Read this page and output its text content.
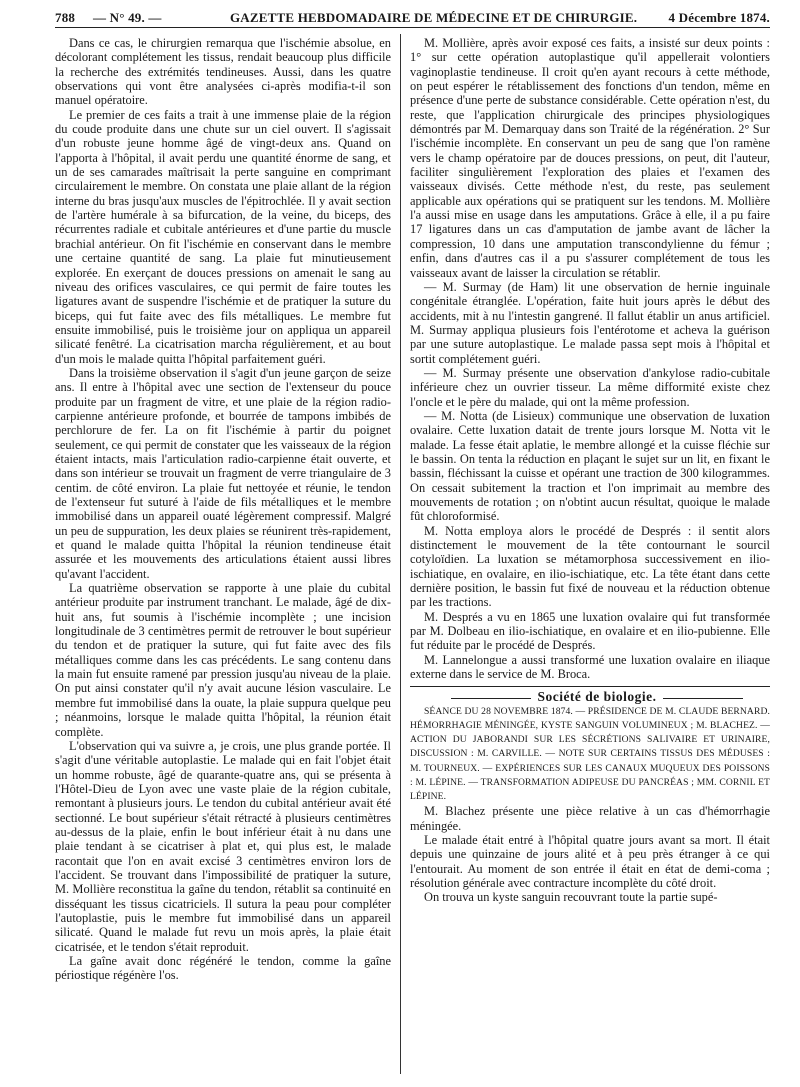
788 — N° 49. —	GAZETTE HEBDOMADAIRE DE MÉDECINE ET DE CHIRURGIE. 4 Décembre 1874.

Dans ce cas, le chirurgien remarqua que l'ischémie absolue, en décolorant complétement les tissus, rendait beaucoup plus difficile la recherche des extrémités tendineuses. Aussi, dans les quatre observations qui vont être analysées ci-après modifia-t-il son manuel opératoire.

Le premier de ces faits a trait à une immense plaie de la région du coude produite dans une chute sur un ciel ouvert. Il s'agissait d'un robuste jeune homme âgé de vingt-deux ans. Quand on l'apporta à l'hôpital, il avait perdu une quantité énorme de sang, et un de ses camarades maîtrisait la perte sanguine en comprimant circulairement le membre. On constata une plaie allant de la région interne du bras jusqu'aux muscles de l'épitrochlée. Il y avait section de l'artère humérale à sa bifurcation, de la veine, du biceps, des récurrentes radiale et cubitale antérieures et d'une partie du muscle brachial antérieur. On fit l'ischémie en conservant dans le membre une certaine quantité de sang. La plaie fut minutieusement explorée. En exerçant de douces pressions on amenait le sang au niveau des orifices vasculaires, ce qui permit de faire toutes les ligatures avant de suspendre l'ischémie et de pratiquer la suture du biceps, qui fut faite avec des fils métalliques. Le membre fut ensuite immobilisé, puis le troisième jour on appliqua un appareil silicaté fenêtré. La cicatrisation marcha régulièrement, et au bout d'un mois le malade quitta l'hôpital parfaitement guéri.

Dans la troisième observation il s'agit d'un jeune garçon de seize ans. Il entre à l'hôpital avec une section de l'extenseur du pouce produite par un fragment de vitre, et une plaie de la région radio-carpienne antérieure profonde, et bourrée de tampons imbibés de perchlorure de fer. La on fit l'ischémie à partir du poignet seulement, ce qui permit de constater que les vaisseaux de la région étaient intacts, mais l'articulation radio-carpienne était ouverte, et dans son intérieur se trouvait un fragment de verre triangulaire de 3 centim. de côté environ. La plaie fut nettoyée et réunie, le tendon de l'extenseur fut suturé à l'aide de fils métalliques et le membre immobilisé dans un appareil ouaté légèrement compressif. Malgré un peu de suppuration, les deux plaies se réunirent très-rapidement, et quand le malade quitta l'hôpital la réunion tendineuse était assurée et les mouvements des articulations étaient aussi libres qu'avant l'accident.

La quatrième observation se rapporte à une plaie du cubital antérieur produite par instrument tranchant. Le malade, âgé de dix-huit ans, fut soumis à l'ischémie incomplète ; une incision longitudinale de 3 centimètres permit de retrouver le bout supérieur du tendon et de pratiquer la suture, qui fut faite avec des fils métalliques comme dans les cas précédents. Le sang contenu dans la main fut ensuite ramené par pression jusqu'au niveau de la plaie. On put ainsi constater qu'il n'y avait aucune lésion vasculaire. Le membre fut immobilisé dans la ouate, la plaie suppura quelque peu ; néanmoins, lorsque le malade quitta l'hôpital, la réunion était complète.

L'observation qui va suivre a, je crois, une plus grande portée. Il s'agit d'une véritable autoplastie. Le malade qui en fait l'objet était un homme robuste, âgé de quarante-quatre ans, qui se présenta à l'Hôtel-Dieu de Lyon avec une vaste plaie de la région cubitale, remontant à plusieurs jours. Le tendon du cubital antérieur avait été sectionné. Le bout supérieur s'était rétracté à plusieurs centimètres au-dessus de la plaie, enfin le bout inférieur était à nu dans une plaie tendant à se cicatriser à plat et, qui plus est, le malade racontait que l'on en avait excisé 3 centimètres environ lors de l'accident. Se trouvant dans l'impossibilité de pratiquer la suture, M. Mollière reconstitua la gaîne du tendon, rétablit sa continuité en disséquant les tissus cicatriciels. Il sutura la peau pour compléter l'autoplastie, puis le membre fut immobilisé dans un appareil silicaté. Quand le malade fut revu un mois après, la plaie était cicatrisée, et le tendon s'était reproduit.

La gaîne avait donc régénéré le tendon, comme la gaîne périostique régénère l'os.

M. Mollière, après avoir exposé ces faits, a insisté sur deux points : 1° sur cette opération autoplastique qu'il appellerait volontiers vaginoplastie tendineuse. Il croit qu'en ayant recours à cette méthode, on peut espérer le rétablissement des fonctions d'un tendon, même en présence d'une perte de substance considérable. Cette opération n'est, du reste, que l'application chirurgicale des principes physiologiques démontrés par M. Demarquay dans son Traité de la régénération. 2° Sur l'ischémie incomplète. En conservant un peu de sang que l'on ramène vers le champ opératoire par de douces pressions, on peut, dit l'auteur, faciliter singulièrement l'exploration des plaies et l'examen des vaisseaux divisés. Cette méthode n'est, du reste, pas seulement applicable aux opérations qui se pratiquent sur les tendons. M. Mollière l'a aussi mise en usage dans les amputations. Grâce à elle, il a pu faire 17 ligatures dans un cas d'amputation de jambe avant de lâcher la compression, 10 dans une amputation transcondylienne du fémur ; enfin, dans d'autres cas il a pu s'assurer complétement de tous les vaisseaux avant de laisser la circulation se rétablir.

— M. Surmay (de Ham) lit une observation de hernie inguinale congénitale étranglée. L'opération, faite huit jours après le début des accidents, mit à nu l'intestin gangrené. Il fallut établir un anus artificiel. M. Surmay appliqua plusieurs fois l'entérotome et acheva la guérison par une suture autoplastique. Le malade passa sept mois à l'hôpital et sortit complétement guéri.

— M. Surmay présente une observation d'ankylose radio-cubitale inférieure chez un ouvrier tisseur. La même difformité existe chez l'oncle et le père du malade, qui ont la même profession.

— M. Notta (de Lisieux) communique une observation de luxation ovalaire. Cette luxation datait de trente jours lorsque M. Notta vit le malade. La fesse était aplatie, le membre allongé et la cuisse fléchie sur le bassin. On tenta la réduction en plaçant le sujet sur un lit, en fixant le bassin, fléchissant la cuisse et opérant une traction de 300 kilogrammes. On cessait subitement la traction et l'on imprimait au membre des mouvements de rotation ; on n'obtint aucun résultat, quoique le malade fût chloroformisé.

M. Notta employa alors le procédé de Després : il sentit alors distinctement le mouvement de la tête contournant le sourcil cotyloïdien. La luxation se métamorphosa successivement en ilio-ischiatique, en ovalaire, en ilio-ischiatique, etc. La tête étant dans cette dernière position, le bassin fut fixé de nouveau et la réduction obtenue par les tractions.

M. Després a vu en 1865 une luxation ovalaire qui fut transformée par M. Dolbeau en ilio-ischiatique, en ovalaire et en ilio-pubienne. Elle fut réduite par le procédé de Després.

M. Lannelongue a aussi transformé une luxation ovalaire en iliaque externe dans le service de M. Broca.

Société de biologie.

SÉANCE DU 28 NOVEMBRE 1874. — PRÉSIDENCE DE M. CLAUDE BERNARD. HÉMORRHAGIE MÉNINGÉE, KYSTE SANGUIN VOLUMINEUX ; M. BLACHEZ. — ACTION DU JABORANDI SUR LES SÉCRÉTIONS SALIVAIRE ET URINAIRE, DISCUSSION : M. CARVILLE. — NOTE SUR CERTAINS TISSUS DES MÉDUSES : M. TOURNEUX. — EXPÉRIENCES SUR LES CANAUX MUQUEUX DES POISSONS : M. LÉPINE. — TRANSFORMATION ADIPEUSE DU PANCRÉAS ; MM. CORNIL ET LÉPINE.

M. Blachez présente une pièce relative à un cas d'hémorrhagie méningée.

Le malade était entré à l'hôpital quatre jours avant sa mort. Il était depuis une quinzaine de jours alité et à peu près étranger à ce qui l'entourait. Au moment de son entrée il était en état de demi-coma ; résolution générale avec contracture incomplète du côté droit.

On trouva un kyste sanguin recouvrant toute la partie supé-
